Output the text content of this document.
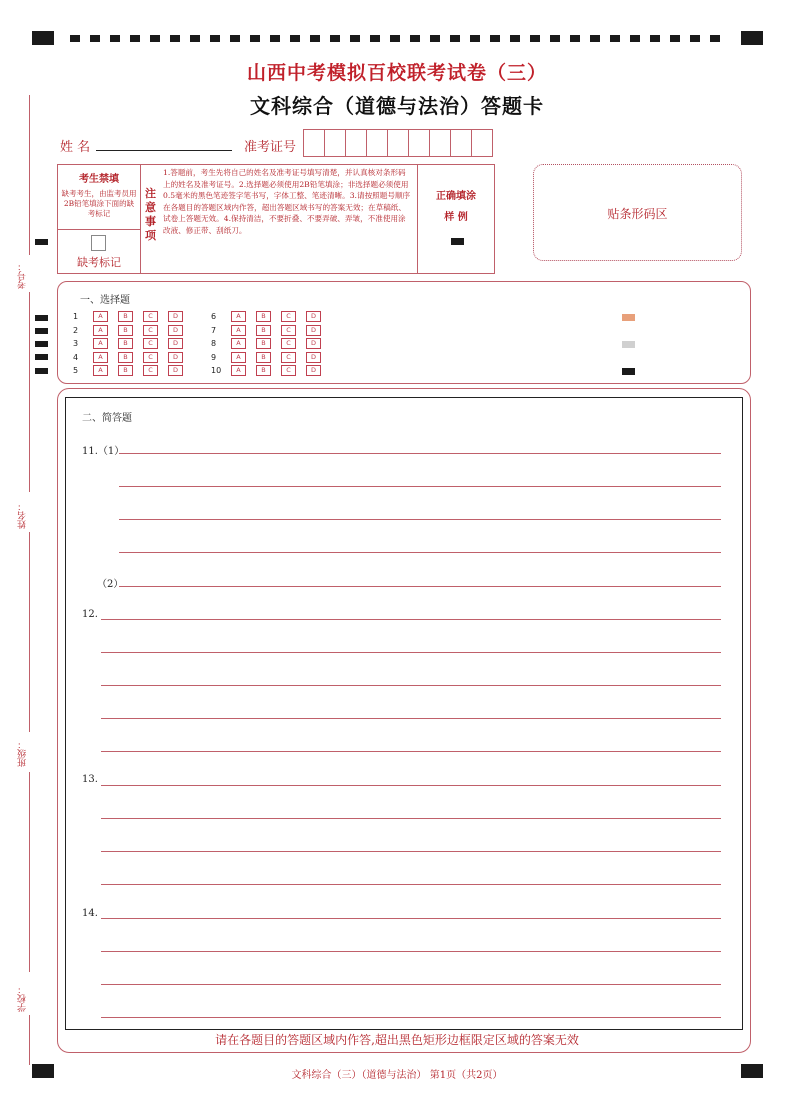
山西中考模拟百校联考试卷（三）
文科综合（道德与法治）答题卡
姓 名	准考证号
考生禁填
缺考考生，由监考员用2B铅笔填涂下面的缺考标记
缺考标记
注意事项
1.答题前，考生先将自己的姓名及准考证号填写清楚，并认真核对条形码上的姓名及准考证号。2.选择题必须使用2B铅笔填涂；非选择题必须使用0.5毫米的黑色笔迹签字笔书写，字体工整、笔迹清晰。3.请按照题号顺序在各题目的答题区域内作答，超出答题区域书写的答案无效；在草稿纸、试卷上答题无效。4.保持清洁，不要折叠、不要弄破、弄皱，不准使用涂改液、修正带、刮纸刀。
正确填涂
样 例	贴条形码区
考号：
姓名：
班级：
学校：
一、选择题
1	A	B	C	D
2	A	B	C	D
3	A	B	C	D
4	A	B	C	D
5	A	B	C	D
6	A	B	C	D
7	A	B	C	D
8	A	B	C	D
9	A	B	C	D
10 A	B	C	D
二、简答题
11.（1）
（2）
12.
13.
14.
请在各题目的答题区域内作答,超出黑色矩形边框限定区域的答案无效
文科综合（三）（道德与法治） 第1页（共2页）
